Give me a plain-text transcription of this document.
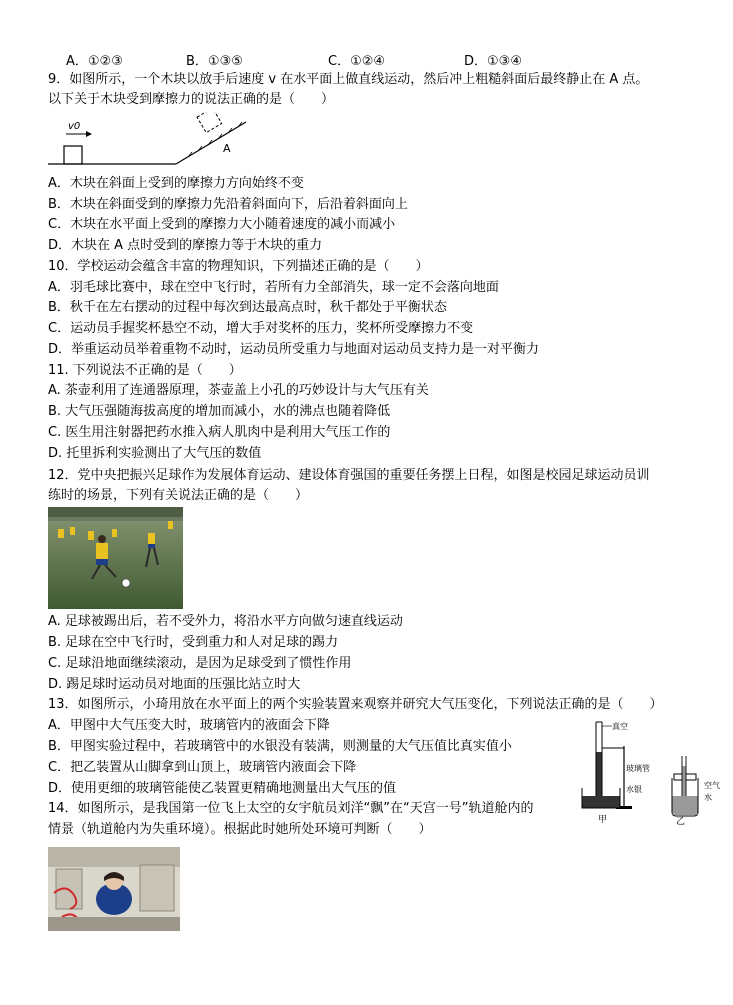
A．①②③	B．①③⑤	C．①②④	D．①③④
9．如图所示，一个木块以放手后速度 v 在水平面上做直线运动，然后冲上粗糙斜面后最终静止在 A 点。
以下关于木块受到摩擦力的说法正确的是（　　）
v0
A
A．木块在斜面上受到的摩擦力方向始终不变
B．木块在斜面受到的摩擦力先沿着斜面向下，后沿着斜面向上
C．木块在水平面上受到的摩擦力大小随着速度的减小而减小
D．木块在 A 点时受到的摩擦力等于木块的重力
10．学校运动会蕴含丰富的物理知识，下列描述正确的是（　　）
A．羽毛球比赛中，球在空中飞行时，若所有力全部消失，球一定不会落向地面
B．秋千在左右摆动的过程中每次到达最高点时，秋千都处于平衡状态
C．运动员手握奖杯悬空不动，增大手对奖杯的压力，奖杯所受摩擦力不变
D．举重运动员举着重物不动时，运动员所受重力与地面对运动员支持力是一对平衡力
11. 下列说法不正确的是（　　）
A. 茶壶利用了连通器原理，茶壶盖上小孔的巧妙设计与大气压有关
B. 大气压强随海拔高度的增加而减小，水的沸点也随着降低
C. 医生用注射器把药水推入病人肌肉中是利用大气压工作的
D. 托里拆利实验测出了大气压的数值
12．党中央把振兴足球作为发展体育运动、建设体育强国的重要任务摆上日程，如图是校园足球运动员训
练时的场景，下列有关说法正确的是（　　）
A. 足球被踢出后，若不受外力，将沿水平方向做匀速直线运动
B. 足球在空中飞行时，受到重力和人对足球的踢力
C. 足球沿地面继续滚动，是因为足球受到了惯性作用
D. 踢足球时运动员对地面的压强比站立时大
13．如图所示，小琦用放在水平面上的两个实验装置来观察并研究大气压变化，下列说法正确的是（　　）
A．甲图中大气压变大时，玻璃管内的液面会下降
B．甲图实验过程中，若玻璃管中的水银没有装满，则测量的大气压值比真实值小
C．把乙装置从山脚拿到山顶上，玻璃管内液面会下降
D．使用更细的玻璃管能使乙装置更精确地测量出大气压的值
真空
玻璃管
水银
甲
空气
水
乙
14．如图所示，是我国第一位飞上太空的女宇航员刘洋“飘”在“天宫一号”轨道舱内的
情景（轨道舱内为失重环境）。根据此时她所处环境可判断（　　）
